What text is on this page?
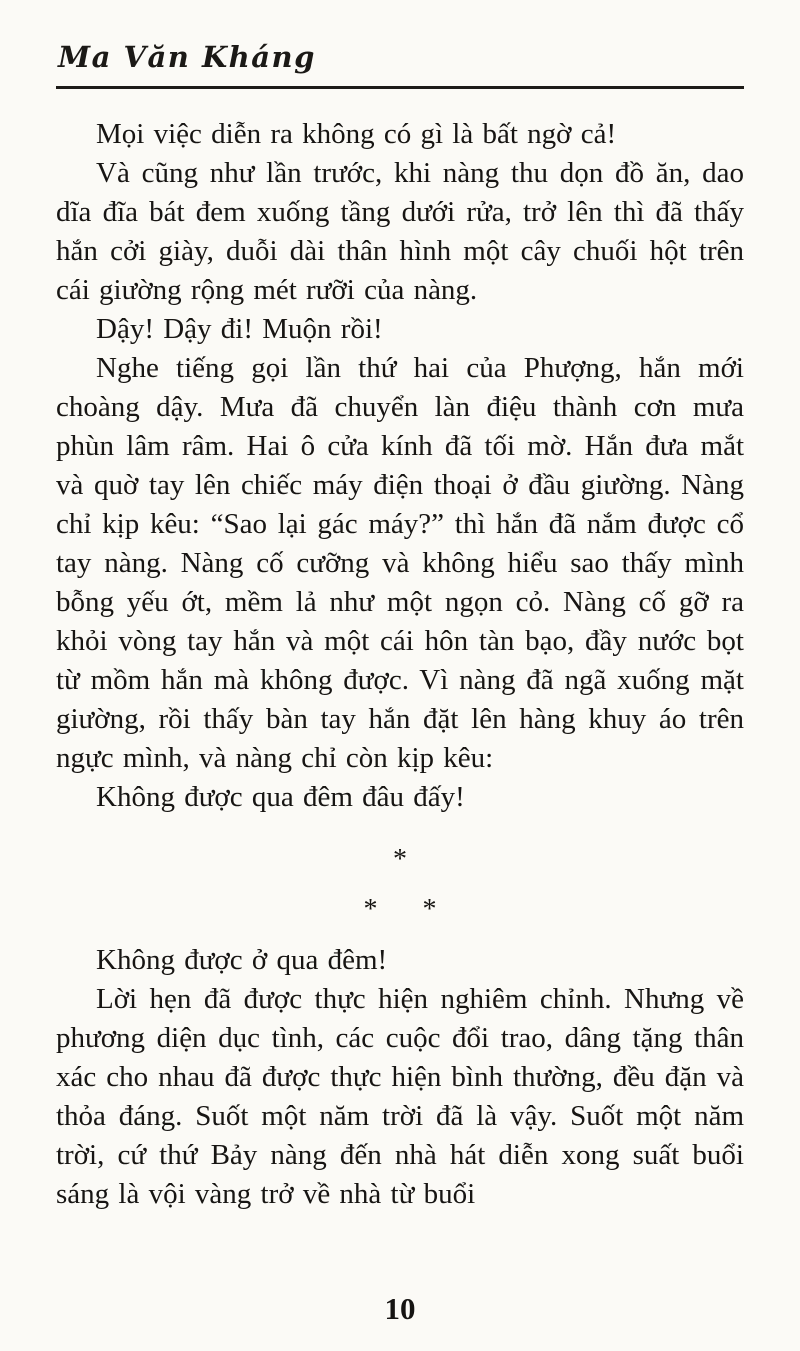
Ma Văn Kháng

Mọi việc diễn ra không có gì là bất ngờ cả!

Và cũng như lần trước, khi nàng thu dọn đồ ăn, dao dĩa đĩa bát đem xuống tầng dưới rửa, trở lên thì đã thấy hắn cởi giày, duỗi dài thân hình một cây chuối hột trên cái giường rộng mét rưỡi của nàng.

Dậy! Dậy đi! Muộn rồi!

Nghe tiếng gọi lần thứ hai của Phượng, hắn mới choàng dậy. Mưa đã chuyển làn điệu thành cơn mưa phùn lâm râm. Hai ô cửa kính đã tối mờ. Hắn đưa mắt và quờ tay lên chiếc máy điện thoại ở đầu giường. Nàng chỉ kịp kêu: “Sao lại gác máy?” thì hắn đã nắm được cổ tay nàng. Nàng cố cưỡng và không hiểu sao thấy mình bỗng yếu ớt, mềm lả như một ngọn cỏ. Nàng cố gỡ ra khỏi vòng tay hắn và một cái hôn tàn bạo, đầy nước bọt từ mồm hắn mà không được. Vì nàng đã ngã xuống mặt giường, rồi thấy bàn tay hắn đặt lên hàng khuy áo trên ngực mình, và nàng chỉ còn kịp kêu:

Không được qua đêm đâu đấy!

*
* *

Không được ở qua đêm!

Lời hẹn đã được thực hiện nghiêm chỉnh. Nhưng về phương diện dục tình, các cuộc đổi trao, dâng tặng thân xác cho nhau đã được thực hiện bình thường, đều đặn và thỏa đáng. Suốt một năm trời đã là vậy. Suốt một năm trời, cứ thứ Bảy nàng đến nhà hát diễn xong suất buổi sáng là vội vàng trở về nhà từ buổi

10
